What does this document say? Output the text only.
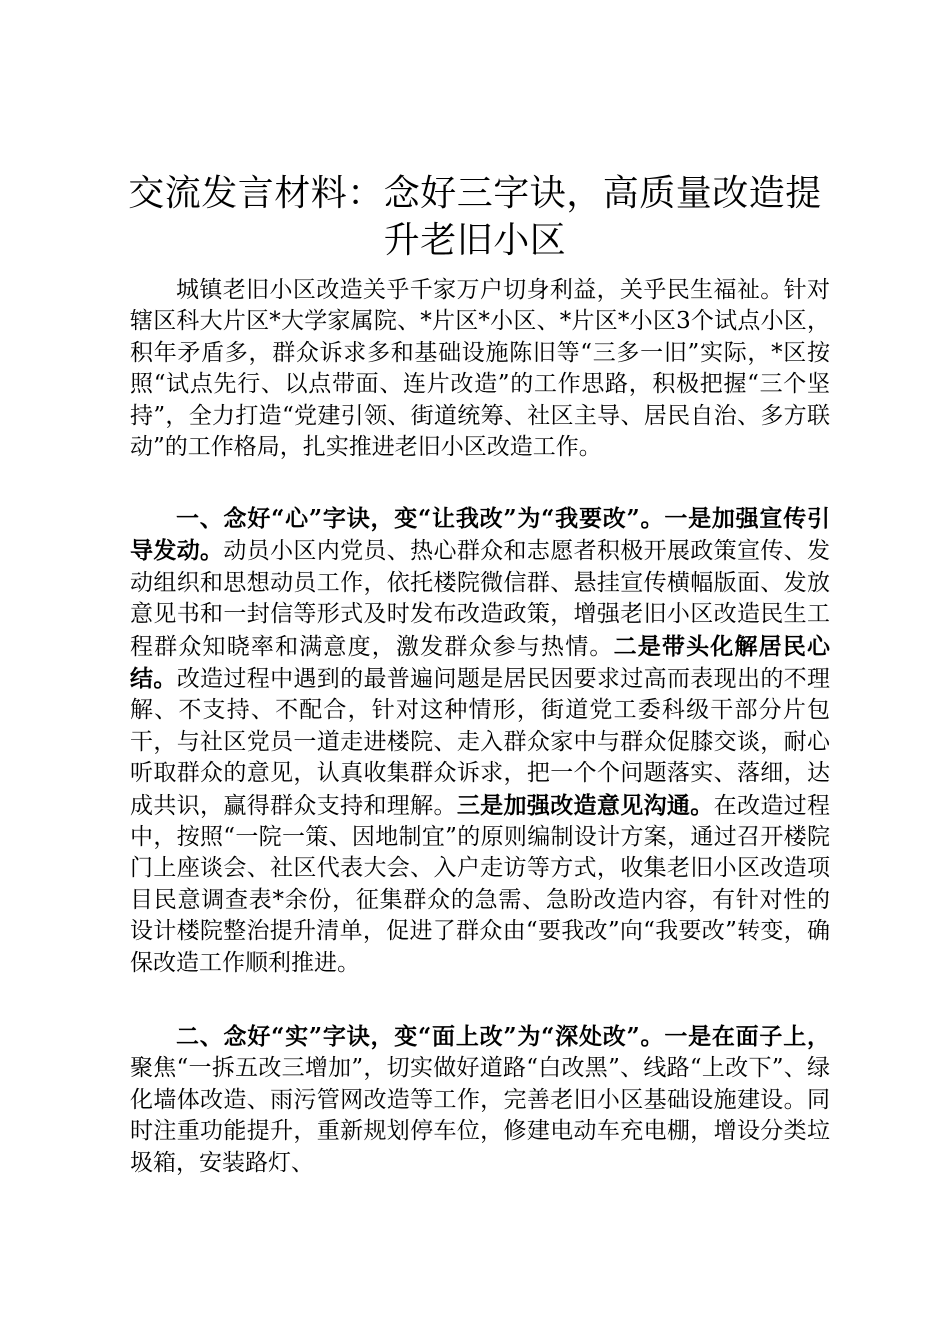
交流发言材料：念好三字诀，高质量改造提升老旧小区

城镇老旧小区改造关乎千家万户切身利益，关乎民生福祉。针对辖区科大片区*大学家属院、*片区*小区、*片区*小区3个试点小区，积年矛盾多，群众诉求多和基础设施陈旧等“三多一旧”实际，*区按照“试点先行、以点带面、连片改造”的工作思路，积极把握“三个坚持”，全力打造“党建引领、街道统筹、社区主导、居民自治、多方联动”的工作格局，扎实推进老旧小区改造工作。

一、念好“心”字诀，变“让我改”为“我要改”。一是加强宣传引导发动。动员小区内党员、热心群众和志愿者积极开展政策宣传、发动组织和思想动员工作，依托楼院微信群、悬挂宣传横幅版面、发放意见书和一封信等形式及时发布改造政策，增强老旧小区改造民生工程群众知晓率和满意度，激发群众参与热情。二是带头化解居民心结。改造过程中遇到的最普遍问题是居民因要求过高而表现出的不理解、不支持、不配合，针对这种情形，街道党工委科级干部分片包干，与社区党员一道走进楼院、走入群众家中与群众促膝交谈，耐心听取群众的意见，认真收集群众诉求，把一个个问题落实、落细，达成共识，赢得群众支持和理解。三是加强改造意见沟通。在改造过程中，按照“一院一策、因地制宜”的原则编制设计方案，通过召开楼院门上座谈会、社区代表大会、入户走访等方式，收集老旧小区改造项目民意调查表*余份，征集群众的急需、急盼改造内容，有针对性的设计楼院整治提升清单，促进了群众由“要我改”向“我要改”转变，确保改造工作顺利推进。

二、念好“实”字诀，变“面上改”为“深处改”。一是在面子上，聚焦“一拆五改三增加”，切实做好道路“白改黑”、线路“上改下”、绿化墙体改造、雨污管网改造等工作，完善老旧小区基础设施建设。同时注重功能提升，重新规划停车位，修建电动车充电棚，增设分类垃圾箱，安装路灯、
